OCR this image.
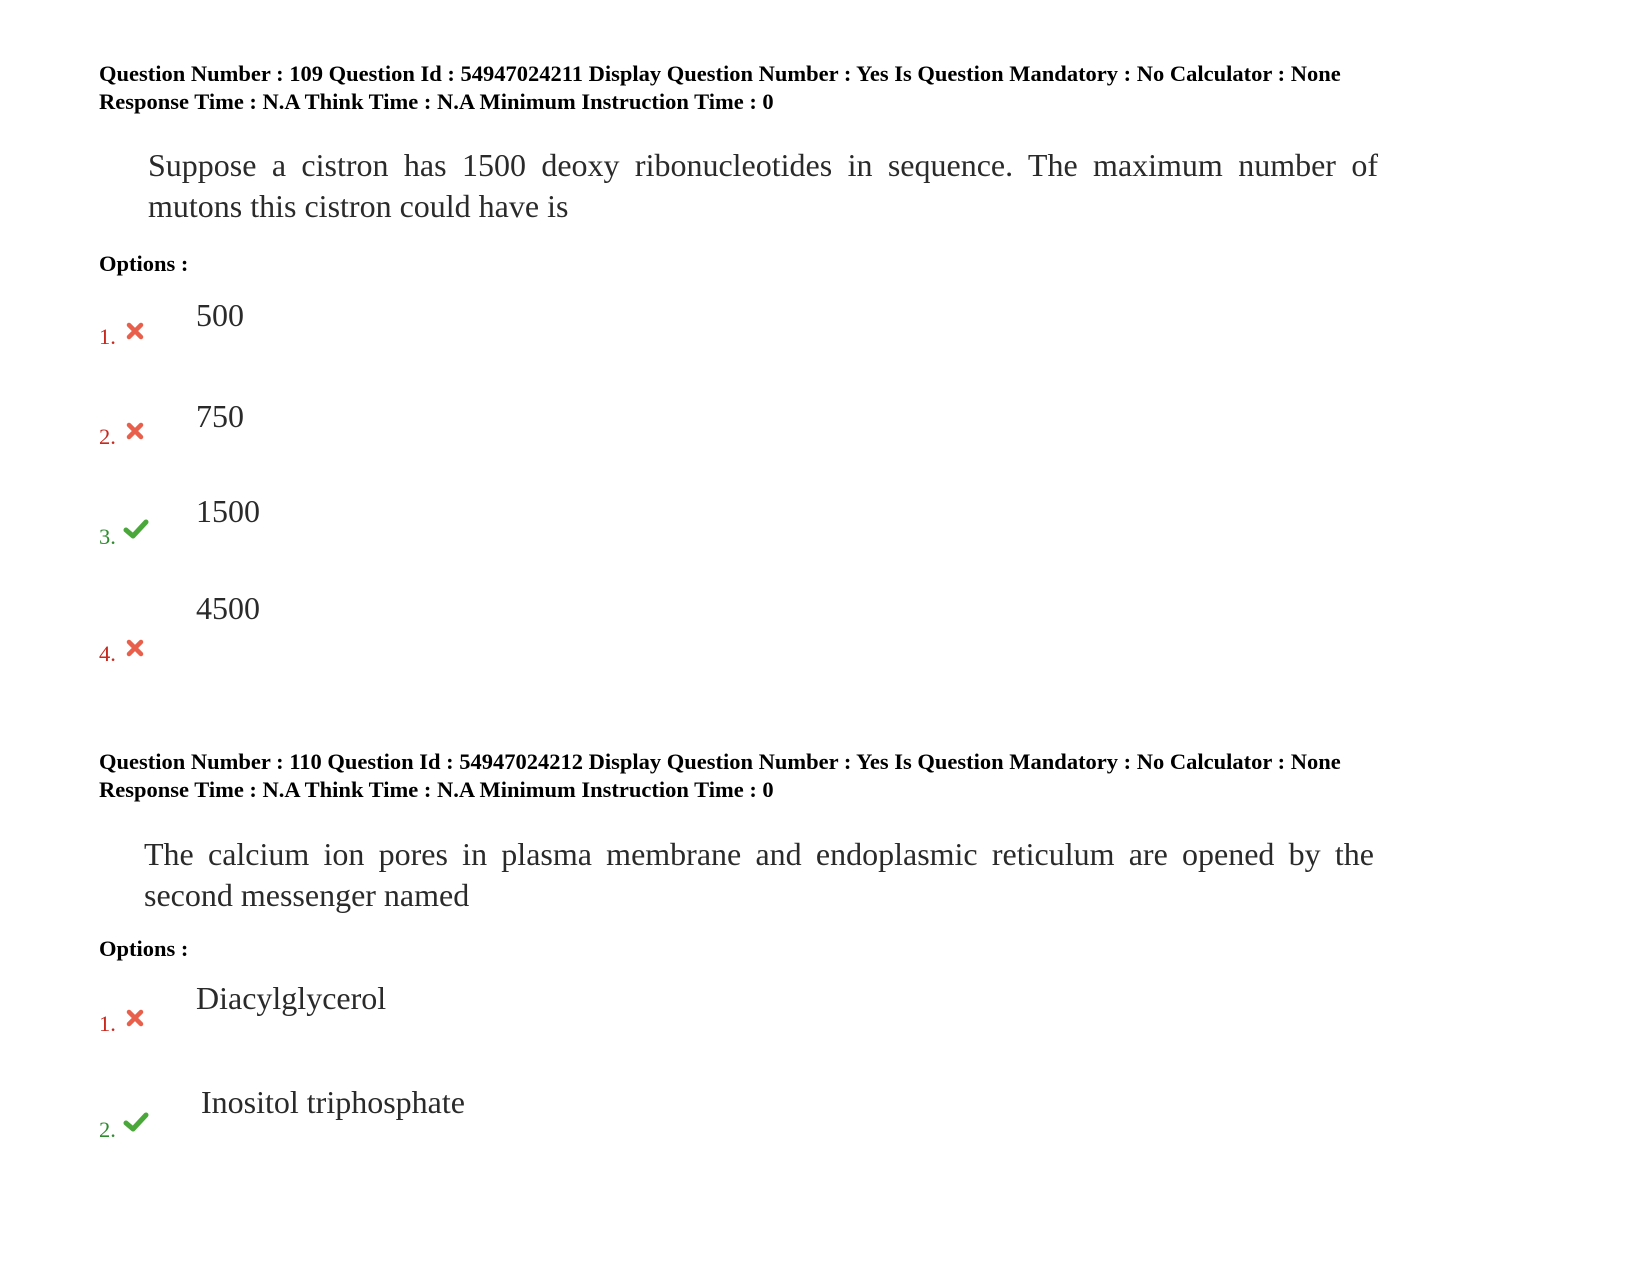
Question Number : 109 Question Id : 54947024211 Display Question Number : Yes Is Question Mandatory : No Calculator : None
Response Time : N.A Think Time : N.A Minimum Instruction Time : 0
Suppose a cistron has 1500 deoxy ribonucleotides in sequence. The maximum number of mutons this cistron could have is
Options :
1.
500
2.
750
3.
1500
4.
4500
Question Number : 110 Question Id : 54947024212 Display Question Number : Yes Is Question Mandatory : No Calculator : None
Response Time : N.A Think Time : N.A Minimum Instruction Time : 0
The calcium ion pores in plasma membrane and endoplasmic reticulum are opened by the second messenger named
Options :
1.
Diacylglycerol
2.
Inositol triphosphate
